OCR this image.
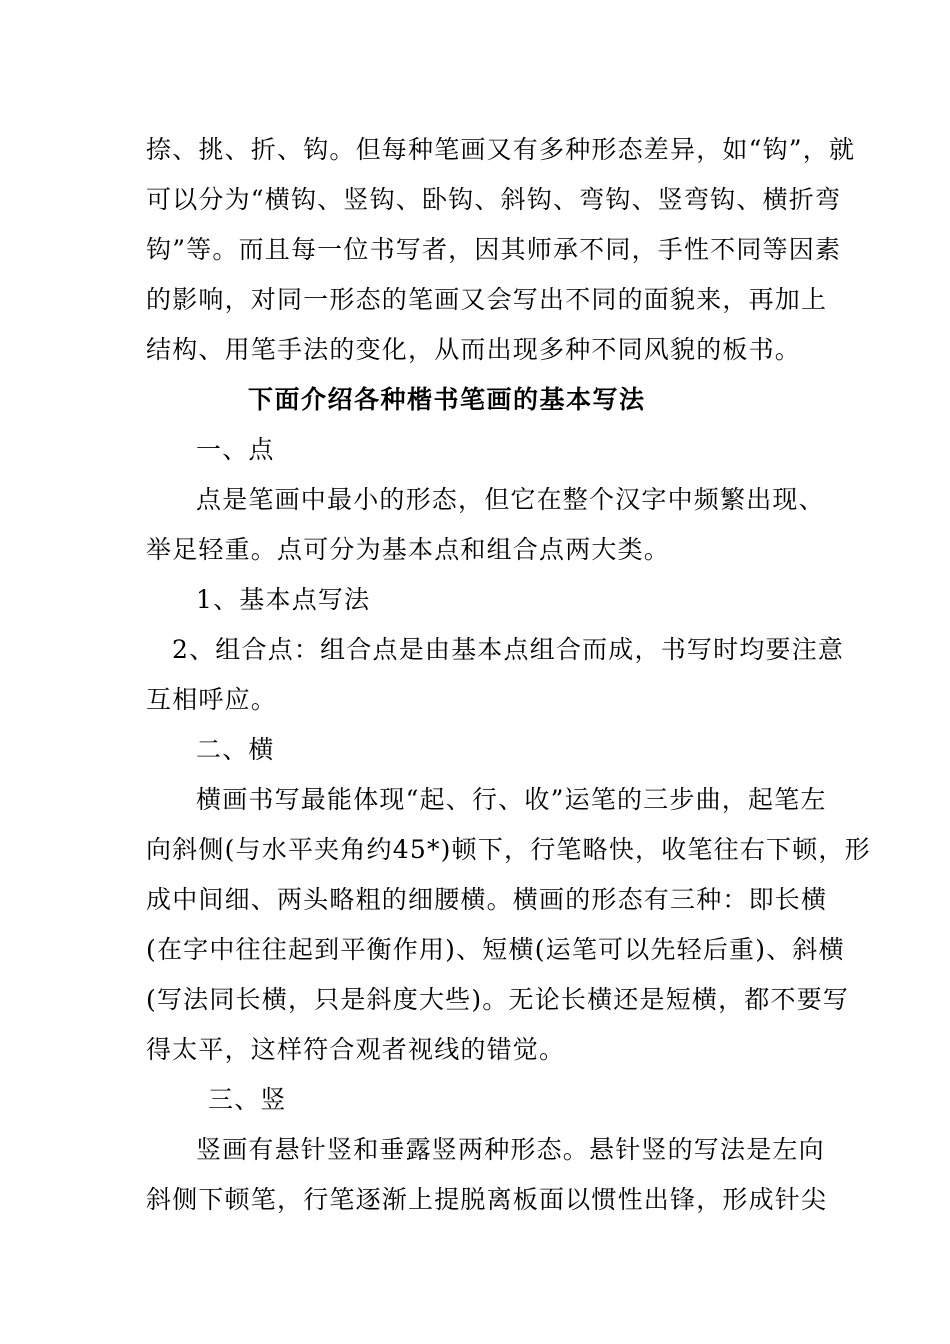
捺、挑、折、钩。但每种笔画又有多种形态差异，如“钩”，就
可以分为“横钩、竖钩、卧钩、斜钩、弯钩、竖弯钩、横折弯
钩”等。而且每一位书写者，因其师承不同，手性不同等因素
的影响，对同一形态的笔画又会写出不同的面貌来，再加上
结构、用笔手法的变化，从而出现多种不同风貌的板书。
下面介绍各种楷书笔画的基本写法
一、点
点是笔画中最小的形态，但它在整个汉字中频繁出现、
举足轻重。点可分为基本点和组合点两大类。
1、基本点写法
2、组合点：组合点是由基本点组合而成，书写时均要注意
互相呼应。
二、横
横画书写最能体现“起、行、收”运笔的三步曲，起笔左
向斜侧(与水平夹角约45*)顿下，行笔略快，收笔往右下顿，形
成中间细、两头略粗的细腰横。横画的形态有三种：即长横
(在字中往往起到平衡作用)、短横(运笔可以先轻后重)、斜横
(写法同长横，只是斜度大些)。无论长横还是短横，都不要写
得太平，这样符合观者视线的错觉。
三、竖
竖画有悬针竖和垂露竖两种形态。悬针竖的写法是左向
斜侧下顿笔，行笔逐渐上提脱离板面以惯性出锋，形成针尖
